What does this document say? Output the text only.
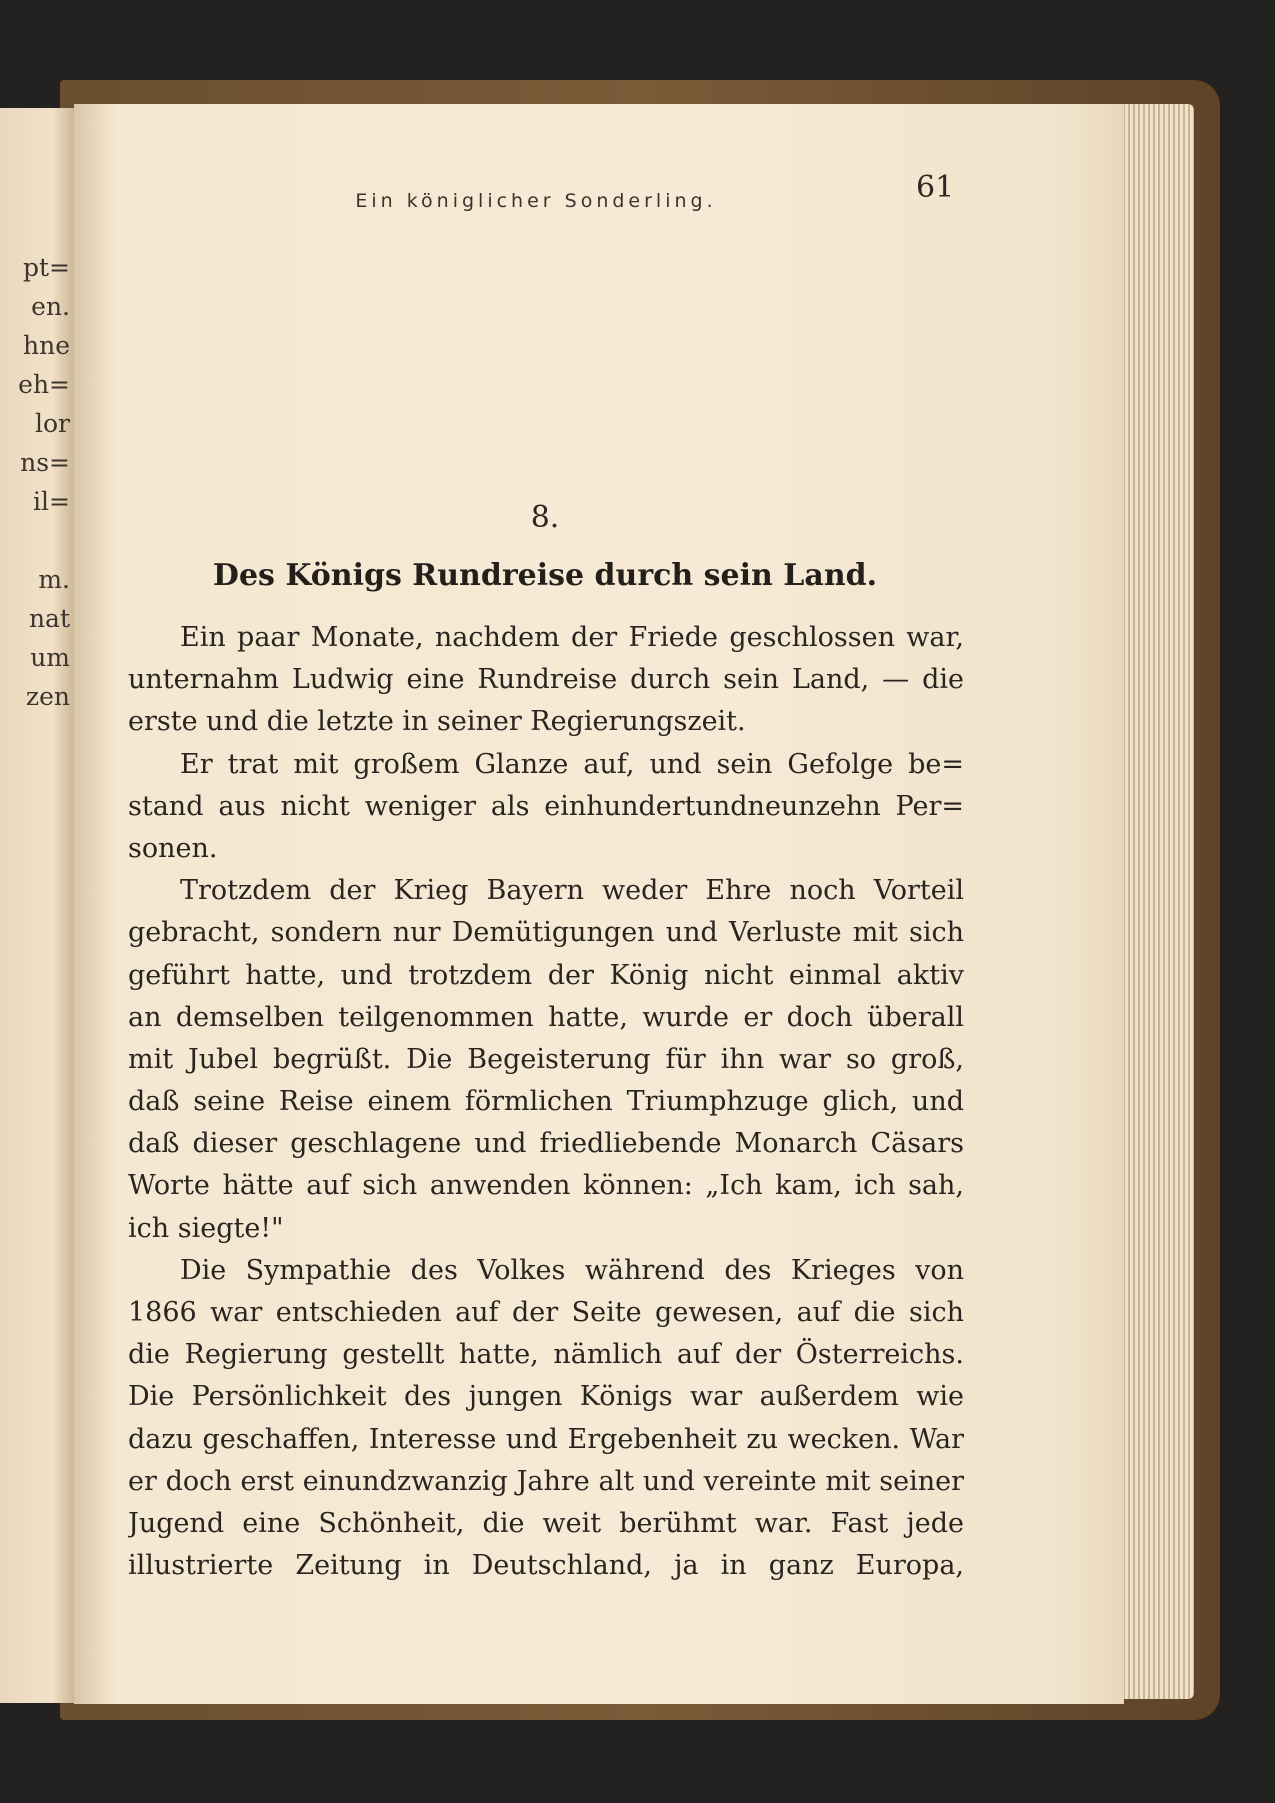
pt=
en.
hne
eh=
lor
ns=
il=
m.
nat
um
zen
Ein königlicher Sonderling.	61
8.
Des Königs Rundreise durch sein Land.
Ein paar Monate, nachdem der Friede geschlossen war,
unternahm Ludwig eine Rundreise durch sein Land, — die
erste und die letzte in seiner Regierungszeit.
Er trat mit großem Glanze auf, und sein Gefolge be=
stand aus nicht weniger als einhundertundneunzehn Per=
sonen.
Trotzdem der Krieg Bayern weder Ehre noch Vorteil
gebracht, sondern nur Demütigungen und Verluste mit sich
geführt hatte, und trotzdem der König nicht einmal aktiv
an demselben teilgenommen hatte, wurde er doch überall
mit Jubel begrüßt. Die Begeisterung für ihn war so groß,
daß seine Reise einem förmlichen Triumphzuge glich, und
daß dieser geschlagene und friedliebende Monarch Cäsars
Worte hätte auf sich anwenden können: „Ich kam, ich sah,
ich siegte!"
Die Sympathie des Volkes während des Krieges von
1866 war entschieden auf der Seite gewesen, auf die sich
die Regierung gestellt hatte, nämlich auf der Österreichs.
Die Persönlichkeit des jungen Königs war außerdem wie
dazu geschaffen, Interesse und Ergebenheit zu wecken. War
er doch erst einundzwanzig Jahre alt und vereinte mit seiner
Jugend eine Schönheit, die weit berühmt war. Fast jede
illustrierte Zeitung in Deutschland, ja in ganz Europa,
